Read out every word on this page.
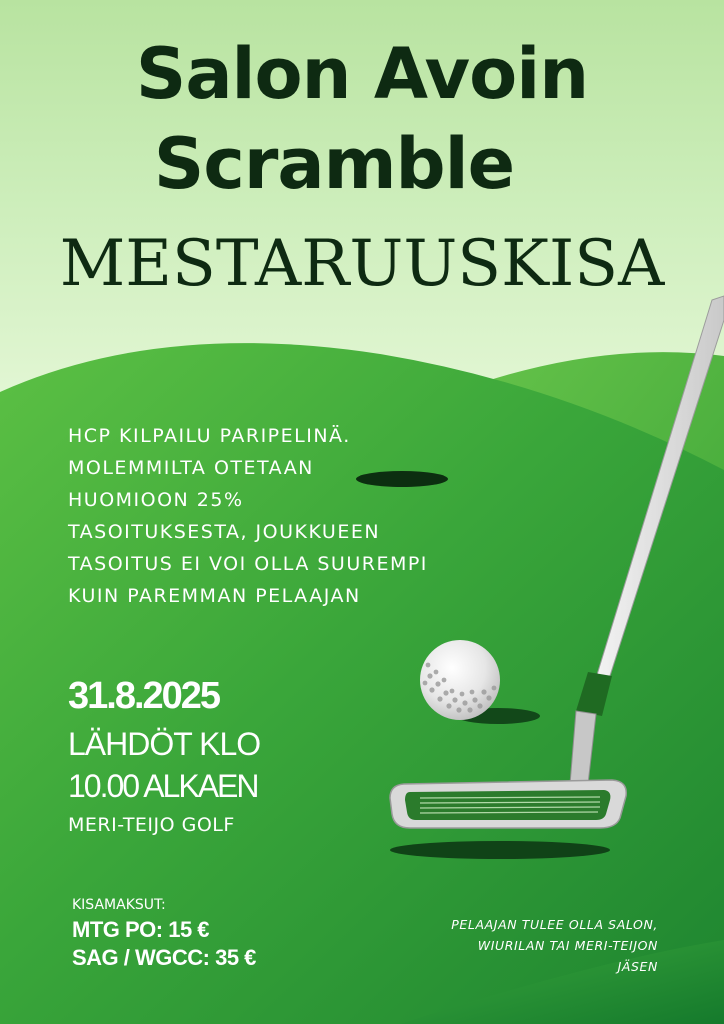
Salon Avoin
Scramble
MESTARUUSKISA

HCP KILPAILU PARIPELINÄ. MOLEMMILTA OTETAAN HUOMIOON 25% TASOITUKSESTA, JOUKKUEEN TASOITUS EI VOI OLLA SUUREMPI KUIN PAREMMAN PELAAJAN

31.8.2025

LÄHDÖT KLO

10.00 ALKAEN

MERI-TEIJO GOLF

KISAMAKSUT:

MTG PO: 15 €

SAG / WGCC: 35 €

PELAAJAN TULEE OLLA SALON, WIURILAN TAI MERI-TEIJON JÄSEN
